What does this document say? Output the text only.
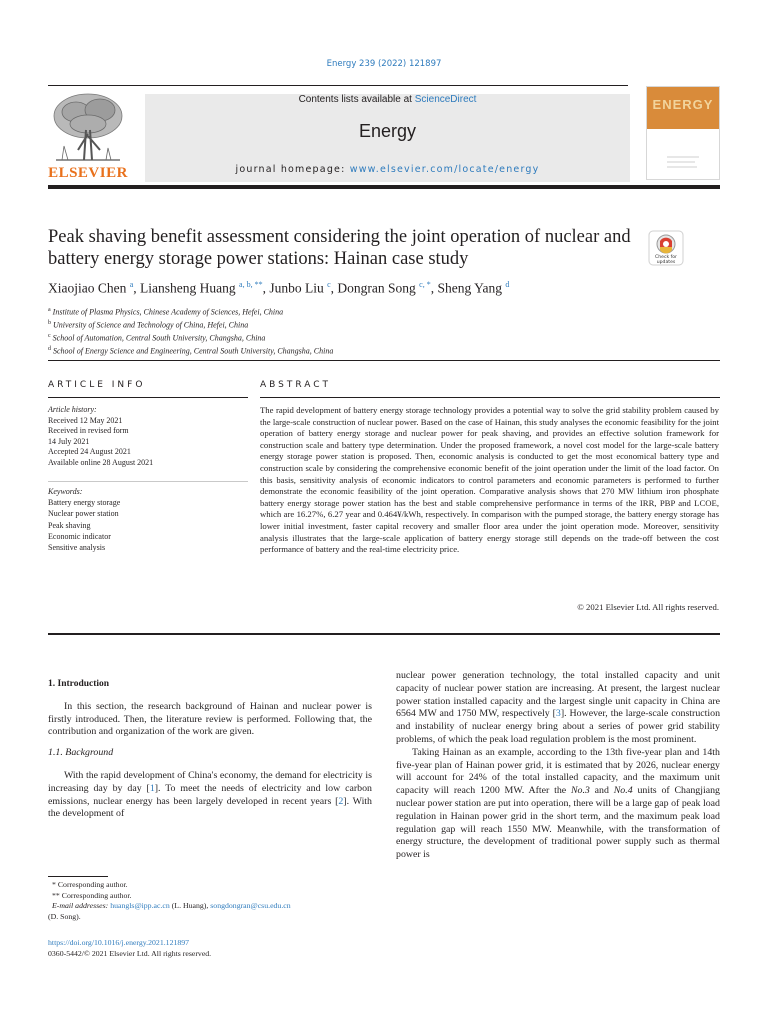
Energy 239 (2022) 121897
ELSEVIER
Contents lists available at ScienceDirect
Energy
journal homepage: www.elsevier.com/locate/energy
ENERGY
Peak shaving benefit assessment considering the joint operation of nuclear and battery energy storage power stations: Hainan case study	Check for updates
Xiaojiao Chen $^a$, Liansheng Huang $^{a, b, **}$, Junbo Liu $^c$, Dongran Song $^{c, *}$, Sheng Yang $^d$
$^a$ Institute of Plasma Physics, Chinese Academy of Sciences, Hefei, China
$^b$ University of Science and Technology of China, Hefei, China
$^c$ School of Automation, Central South University, Changsha, China
$^d$ School of Energy Science and Engineering, Central South University, Changsha, China
ARTICLE INFO	ABSTRACT
Article history:
Received 12 May 2021
Received in revised form
14 July 2021
Accepted 24 August 2021
Available online 28 August 2021
Keywords:
Battery energy storage
Nuclear power station
Peak shaving
Economic indicator
Sensitive analysis
The rapid development of battery energy storage technology provides a potential way to solve the grid stability problem caused by the large-scale construction of nuclear power. Based on the case of Hainan, this study analyses the economic feasibility for the joint operation of battery energy storage and nuclear power for peak shaving, and provides an effective solution framework for construction scale and battery type determination. Under the proposed framework, a novel cost model for the large-scale battery energy storage power station is proposed. Then, economic analysis is conducted to get the most economical battery type and construction scale by considering the comprehensive economic benefit of the joint operation under the limit of the load factor. On this basis, sensitivity analysis of economic indicators to control parameters and economic parameters is performed to further demonstrate the economic feasibility of the joint operation. Comparative analysis shows that 270 MW lithium iron phosphate battery energy storage power station has the best and stable comprehensive performance in terms of the IRR, PBP and LCOE, which are 16.27%, 6.27 year and 0.464¥/kWh, respectively. In comparison with the pumped storage, the battery energy storage has lower initial investment, faster capital recovery and smaller floor area under the joint operation mode. Moreover, sensitivity analysis illustrates that the large-scale application of battery energy storage still depends on the trade-off between the cost performance of battery and the real-time electricity price.
© 2021 Elsevier Ltd. All rights reserved.
1. Introduction

In this section, the research background of Hainan and nuclear power is firstly introduced. Then, the literature review is performed. Following that, the contribution and organization of the work are given.

1.1. Background

With the rapid development of China's economy, the demand for electricity is increasing day by day [1]. To meet the needs of electricity and low carbon emissions, nuclear energy has been largely developed in recent years [2]. With the development of

nuclear power generation technology, the total installed capacity and unit capacity of nuclear power station are increasing. At present, the largest nuclear power station installed capacity and the largest single unit capacity in China are 6564 MW and 1750 MW, respectively [3]. However, the large-scale construction and instability of nuclear energy bring about a series of power grid stability problems, of which the peak load regulation problem is the most prominent.

Taking Hainan as an example, according to the 13th five-year plan and 14th five-year plan of Hainan power grid, it is estimated that by 2026, nuclear energy will account for 24% of the total installed capacity, and the maximum unit capacity will reach 1200 MW. After the No.3 and No.4 units of Changjiang nuclear power station are put into operation, there will be a large gap of peak load regulation in Hainan power grid in the short term, and the maximum peak load regulation gap will reach 1550 MW. Meanwhile, with the transformation of energy structure, the development of traditional power supply such as thermal power is

* Corresponding author.
** Corresponding author.
E-mail addresses: huangls@ipp.ac.cn (L. Huang), songdongran@csu.edu.cn
(D. Song).
https://doi.org/10.1016/j.energy.2021.121897
0360-5442/© 2021 Elsevier Ltd. All rights reserved.
